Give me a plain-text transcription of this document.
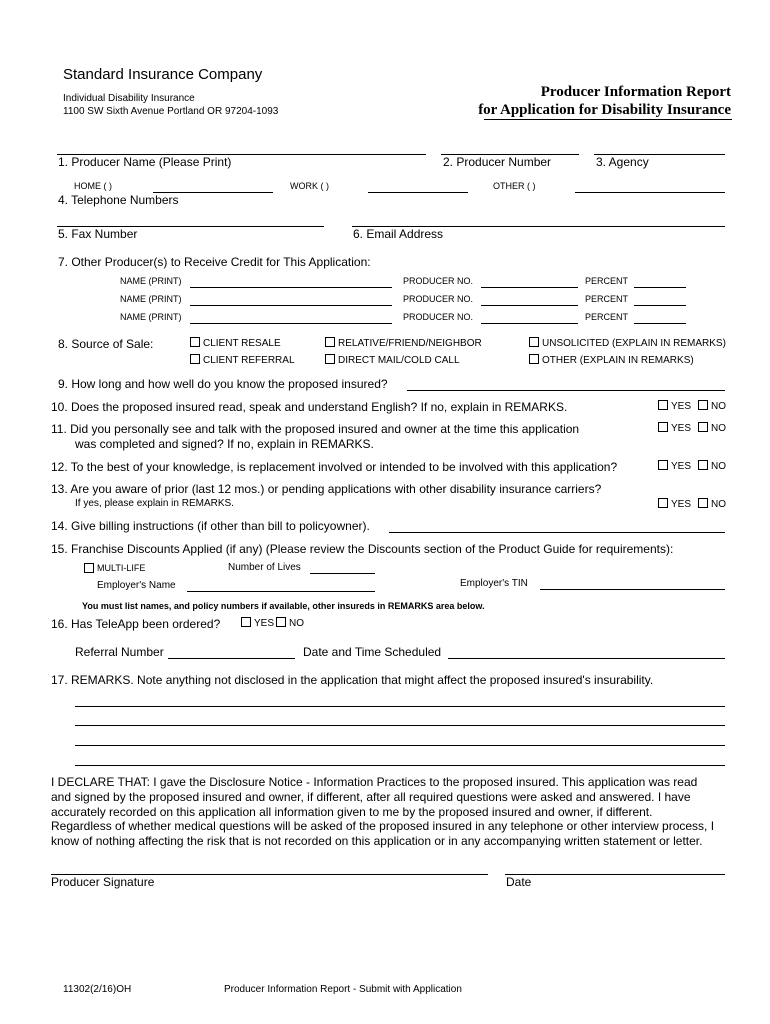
Standard Insurance Company
Individual Disability Insurance
1100 SW Sixth Avenue Portland OR 97204-1093
Producer Information Report
for Application for Disability Insurance
1. Producer Name (Please Print)	2. Producer Number	3. Agency
HOME ( )	WORK ( )	OTHER ( )
4. Telephone Numbers
5. Fax Number	6. Email Address
7. Other Producer(s) to Receive Credit for This Application:
NAME (PRINT)	PRODUCER NO.	PERCENT
NAME (PRINT)	PRODUCER NO.	PERCENT
NAME (PRINT)	PRODUCER NO.	PERCENT
8. Source of Sale:	CLIENT RESALE	RELATIVE/FRIEND/NEIGHBOR	UNSOLICITED (EXPLAIN IN REMARKS)
CLIENT REFERRAL	DIRECT MAIL/COLD CALL	OTHER (EXPLAIN IN REMARKS)
9. How long and how well do you know the proposed insured?
10. Does the proposed insured read, speak and understand English? If no, explain in REMARKS.	YES	NO
11. Did you personally see and talk with the proposed insured and owner at the time this application
was completed and signed? If no, explain in REMARKS.
YES	NO
12. To the best of your knowledge, is replacement involved or intended to be involved with this application?	YES	NO
13. Are you aware of prior (last 12 mos.) or pending applications with other disability insurance carriers?
If yes, please explain in REMARKS.	YES	NO
14. Give billing instructions (if other than bill to policyowner).
15. Franchise Discounts Applied (if any) (Please review the Discounts section of the Product Guide for requirements):
MULTI-LIFE	Number of Lives
Employer's Name	Employer's TIN
You must list names, and policy numbers if available, other insureds in REMARKS area below.
16. Has TeleApp been ordered?	YES	NO
Referral Number	Date and Time Scheduled
17. REMARKS. Note anything not disclosed in the application that might affect the proposed insured's insurability.
I DECLARE THAT: I gave the Disclosure Notice - Information Practices to the proposed insured. This application was read
and signed by the proposed insured and owner, if different, after all required questions were asked and answered. I have
accurately recorded on this application all information given to me by the proposed insured and owner, if different.
Regardless of whether medical questions will be asked of the proposed insured in any telephone or other interview process, I
know of nothing affecting the risk that is not recorded on this application or in any accompanying written statement or letter.
Producer Signature	Date
11302(2/16)OH	Producer Information Report - Submit with Application
